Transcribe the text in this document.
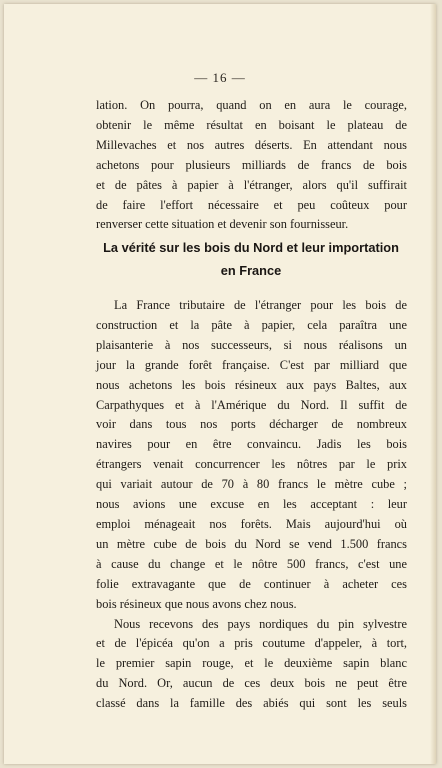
— 16 —
lation. On pourra, quand on en aura le courage,
obtenir le même résultat en boisant le plateau de
Millevaches et nos autres déserts. En attendant nous
achetons pour plusieurs milliards de francs de bois
et de pâtes à papier à l'étranger, alors qu'il suffirait
de faire l'effort nécessaire et peu coûteux pour
renverser cette situation et devenir son fournisseur.
La vérité sur les bois du Nord et leur importation
en France
La France tributaire de l'étranger pour les bois de
construction et la pâte à papier, cela paraîtra une
plaisanterie à nos successeurs, si nous réalisons un
jour la grande forêt française. C'est par milliard que
nous achetons les bois résineux aux pays Baltes, aux
Carpathyques et à l'Amérique du Nord. Il suffit de
voir dans tous nos ports décharger de nombreux
navires pour en être convaincu. Jadis les bois
étrangers venait concurrencer les nôtres par le prix
qui variait autour de 70 à 80 francs le mètre cube ;
nous avions une excuse en les acceptant : leur
emploi ménageait nos forêts. Mais aujourd'hui où
un mètre cube de bois du Nord se vend 1.500 francs
à cause du change et le nôtre 500 francs, c'est une
folie extravagante que de continuer à acheter ces
bois résineux que nous avons chez nous.
Nous recevons des pays nordiques du pin sylvestre
et de l'épicéa qu'on a pris coutume d'appeler, à tort,
le premier sapin rouge, et le deuxième sapin blanc
du Nord. Or, aucun de ces deux bois ne peut être
classé dans la famille des abiés qui sont les seuls
